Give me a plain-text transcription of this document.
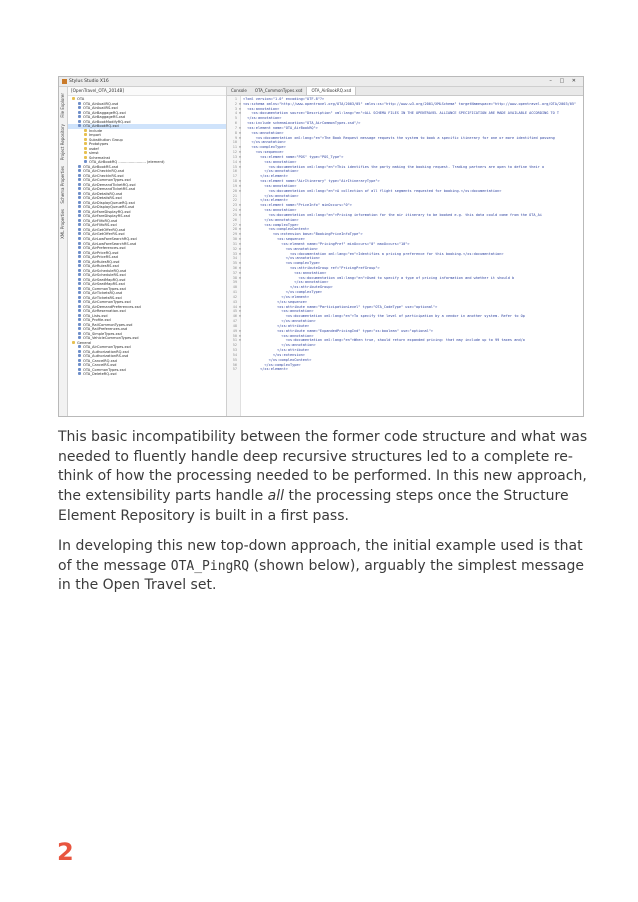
Stylus Studio X16	– □ ✕
File Explorer
Project Repository
Schema Properties
XML Properties
[OpenTravel_OTA_2014B]
OTA
OTA_AirAvailRQ.xsd
OTA_AirAvailRS.xsd
OTA_AirBaggageRQ.xsd
OTA_AirBaggageRS.xsd
OTA_AirBookModifyRQ.xsd
OTA_AirBookRQ.xsd
Include
Import
Substitution Group
Prototypes
xsdef
simst
SchemaInst
OTA_AirBookRQ ........................ (element)
OTA_AirBookRS.xsd
OTA_AirCheckInRQ.xsd
OTA_AirCheckInRS.xsd
OTA_AirCommonTypes.xsd
OTA_AirDemandTicketRQ.xsd
OTA_AirDemandTicketRS.xsd
OTA_AirDetailsRQ.xsd
OTA_AirDetailsRS.xsd
OTA_AirDisplayQueueRQ.xsd
OTA_AirDisplayQueueRS.xsd
OTA_AirFareDisplayRQ.xsd
OTA_AirFareDisplayRS.xsd
OTA_AirFlifoRQ.xsd
OTA_AirFlifoRS.xsd
OTA_AirGetOfferRQ.xsd
OTA_AirGetOfferRS.xsd
OTA_AirLowFareSearchRQ.xsd
OTA_AirLowFareSearchRS.xsd
OTA_AirPreferences.xsd
OTA_AirPriceRQ.xsd
OTA_AirPriceRS.xsd
OTA_AirRulesRQ.xsd
OTA_AirRulesRS.xsd
OTA_AirScheduleRQ.xsd
OTA_AirScheduleRS.xsd
OTA_AirSeatMapRQ.xsd
OTA_AirSeatMapRS.xsd
OTA_CommonTypes.xsd
OTA_AirTicketsRQ.xsd
OTA_AirTicketsRS.xsd
OTA_AirCommonTypes.xsd
OTA_AirDemandPreferences.xsd
OTA_AirReservation.xsd
OTA_Lists.xsd
OTA_Profile.xsd
OTA_RailCommonTypes.xsd
OTA_RailPreferences.xsd
OTA_SimpleTypes.xsd
OTA_VehicleCommonTypes.xsd
General
OTA_AirCommonTypes.xsd
OTA_AuthorizationRQ.xsd
OTA_AuthorizationRS.xsd
OTA_CancelRQ.xsd
OTA_CancelRS.xsd
OTA_CommonTypes.xsd
OTA_DeleteRQ.xsd
Console OTA_CommonTypes.xsd OTA_AirBookRQ.xsd
1 <?xml version="1.0" encoding="UTF-8"?>
2 ⊟ <xs:schema xmlns="http://www.opentravel.org/OTA/2003/05" xmlns:xs="http://www.w3.org/2001/XMLSchema" targetNamespace="http://www.opentravel.org/OTA/2003/05"
3 ⊟  <xs:annotation>
4 ⊟    <xs:documentation source="Description" xml:lang="en">ALL SCHEMA FILES IN THE OPENTRAVEL ALLIANCE SPECIFICATION ARE MADE AVAILABLE ACCORDING TO T
5  </xs:annotation>
6  <xs:include schemaLocation="OTA_AirCommonTypes.xsd"/>
7 ⊟  <xs:element name="OTA_AirBookRQ">
8 ⊟    <xs:annotation>
9 ⊟      <xs:documentation xml:lang="en">The Book Request message requests the system to book a specific itinerary for one or more identified passeng
10    </xs:annotation>
11 ⊟    <xs:complexType>
12 ⊟      <xs:sequence>
13 ⊟        <xs:element name="POS" type="POS_Type">
14 ⊟          <xs:annotation>
15 ⊟            <xs:documentation xml:lang="en">This identifies the party making the booking request. Trading partners are open to define their o
16          </xs:annotation>
17        </xs:element>
18 ⊟        <xs:element name="AirItinerary" type="AirItineraryType">
19 ⊟          <xs:annotation>
20 ⊟            <xs:documentation xml:lang="en">A collection of all flight segments requested for booking.</xs:documentation>
21          </xs:annotation>
22        </xs:element>
23 ⊟        <xs:element name="PriceInfo" minOccurs="0">
24 ⊟          <xs:annotation>
25 ⊟            <xs:documentation xml:lang="en">Pricing information for the air itinerary to be booked e.g. this data could come from the OTA_Ai
26          </xs:annotation>
27 ⊟          <xs:complexType>
28 ⊟            <xs:complexContent>
29 ⊟              <xs:extension base="BookingPriceInfoType">
30 ⊟                <xs:sequence>
31 ⊟                  <xs:element name="PricingPref" minOccurs="0" maxOccurs="10">
32 ⊟                    <xs:annotation>
33 ⊟                      <xs:documentation xml:lang="en">Identifies a pricing preference for this booking.</xs:documentation>
34                    </xs:annotation>
35 ⊟                    <xs:complexType>
36 ⊟                      <xs:attributeGroup ref="PricingPrefGroup">
37 ⊟                        <xs:annotation>
38 ⊟                          <xs:documentation xml:lang="en">Used to specify a type of pricing information and whether it should b
39                        </xs:annotation>
40                      </xs:attributeGroup>
41                    </xs:complexType>
42                  </xs:element>
43                </xs:sequence>
44 ⊟                <xs:attribute name="ParticipationLevel" type="OTA_CodeType" use="optional">
45 ⊟                  <xs:annotation>
46 ⊟                    <xs:documentation xml:lang="en">To specify the level of participation by a vendor in another system. Refer to Op
47                  </xs:annotation>
48                </xs:attribute>
49 ⊟                <xs:attribute name="ExpandedPricingInd" type="xs:boolean" use="optional">
50 ⊟                  <xs:annotation>
51 ⊟                    <xs:documentation xml:lang="en">When true, should return expanded pricing: that may include up to 99 taxes and/o
52                  </xs:annotation>
53                </xs:attribute>
54              </xs:extension>
55            </xs:complexContent>
56          </xs:complexType>
57        </xs:element>

This basic incompatibility between the former code structure and what was needed to fluently handle deep recursive structures led to a complete re-think of how the processing needed to be performed. In this new approach, the extensibility parts handle all the processing steps once the Structure Element Repository is built in a first pass.

In developing this new top-down approach, the initial example used is that of the message OTA_PingRQ (shown below), arguably the simplest message in the Open Travel set.

2
